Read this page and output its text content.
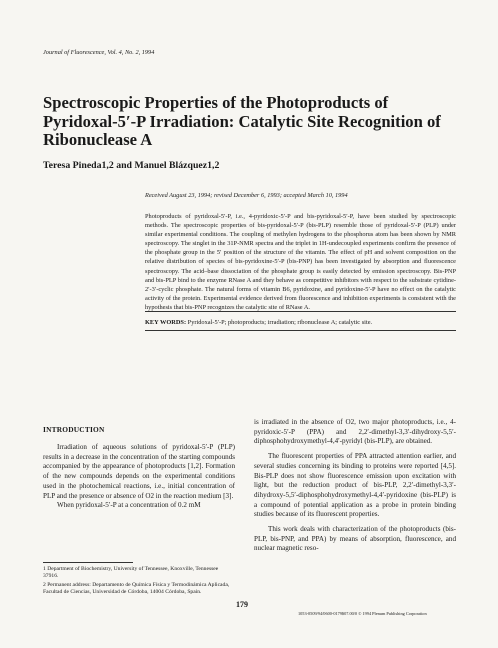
Journal of Fluorescence, Vol. 4, No. 2, 1994
Spectroscopic Properties of the Photoproducts of Pyridoxal-5′-P Irradiation: Catalytic Site Recognition of Ribonuclease A
Teresa Pineda1,2 and Manuel Blázquez1,2
Received August 23, 1994; revised December 6, 1993; accepted March 10, 1994
Photoproducts of pyridoxal-5′-P, i.e., 4-pyridoxic-5′-P and bis-pyridoxal-5′-P, have been studied by spectroscopic methods. The spectroscopic properties of bis-pyridoxal-5′-P (bis-PLP) resemble those of pyridoxal-5′-P (PLP) under similar experimental conditions. The coupling of methylen hydrogens to the phosphorus atom has been shown by NMR spectroscopy. The singlet in the 31P-NMR spectra and the triplet in 1H-undecoupled experiments confirm the presence of the phosphate group in the 5′ position of the structure of the vitamin. The effect of pH and solvent composition on the relative distribution of species of bis-pyridoxine-5′-P (bis-PNP) has been investigated by absorption and fluorescence spectroscopy. The acid–base dissociation of the phosphate group is easily detected by emission spectroscopy. Bis-PNP and bis-PLP bind to the enzyme RNase A and they behave as competitive inhibitors with respect to the substrate cytidine-2′-3′-cyclic phosphate. The natural forms of vitamin B6, pyridoxine, and pyridoxine-5′-P have no effect on the catalytic activity of the protein. Experimental evidence derived from fluorescence and inhibition experiments is consistent with the hypothesis that bis-PNP recognizes the catalytic site of RNase A.
KEY WORDS: Pyridoxal-5′-P; photoproducts; irradiation; ribonuclease A; catalytic site.
INTRODUCTION

Irradiation of aqueous solutions of pyridoxal-5′-P (PLP) results in a decrease in the concentration of the starting compounds accompanied by the appearance of photoproducts [1,2]. Formation of the new compounds depends on the experimental conditions used in the photochemical reactions, i.e., initial concentration of PLP and the presence or absence of O2 in the reaction medium [3].

When pyridoxal-5′-P at a concentration of 0.2 mM

is irradiated in the absence of O2, two major photoproducts, i.e., 4-pyridoxic-5′-P (PPA) and 2,2′-dimethyl-3,3′-dihydroxy-5,5′-diphosphohydroxymethyl-4,4′-pyridyl (bis-PLP), are obtained.

The fluorescent properties of PPA attracted attention earlier, and several studies concerning its binding to proteins were reported [4,5]. Bis-PLP does not show fluorescence emission upon excitation with light, but the reduction product of bis-PLP, 2,2′-dimethyl-3,3′-dihydroxy-5,5′-diphosphohydroxymethyl-4,4′-pyridoxine (bis-PLP) is a compound of potential application as a probe in protein binding studies because of its fluorescent properties.

This work deals with characterization of the photoproducts (bis-PLP, bis-PNP, and PPA) by means of absorption, fluorescence, and nuclear magnetic reso-

1 Department of Biochemistry, University of Tennessee, Knoxville, Tennessee 37916.

2 Permanent address: Departamento de Química Física y Termodinámica Aplicada, Facultad de Ciencias, Universidad de Córdoba, 14004 Córdoba, Spain.

179
1053-0509/94/0600-0179$07.00/0 © 1994 Plenum Publishing Corporation
